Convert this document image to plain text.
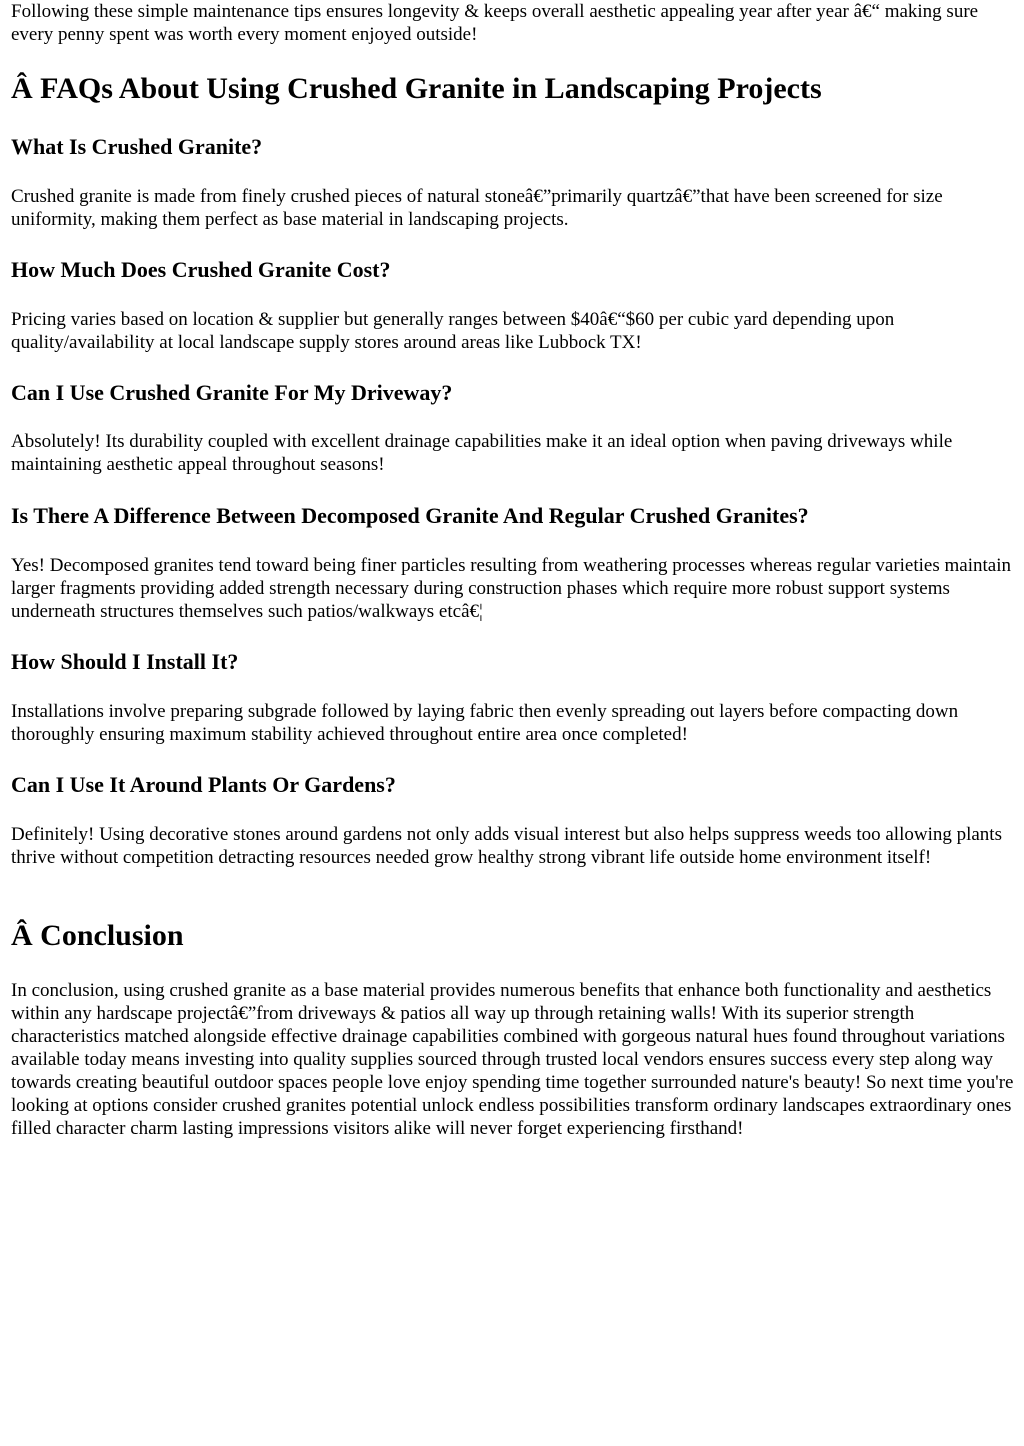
Following these simple maintenance tips ensures longevity & keeps overall aesthetic appealing year after year â€“ making sure every penny spent was worth every moment enjoyed outside!

Â FAQs About Using Crushed Granite in Landscaping Projects
What Is Crushed Granite?

Crushed granite is made from finely crushed pieces of natural stoneâ€”primarily quartzâ€”that have been screened for size uniformity, making them perfect as base material in landscaping projects.

How Much Does Crushed Granite Cost?

Pricing varies based on location & supplier but generally ranges between $40â€“$60 per cubic yard depending upon quality/availability at local landscape supply stores around areas like Lubbock TX!

Can I Use Crushed Granite For My Driveway?

Absolutely! Its durability coupled with excellent drainage capabilities make it an ideal option when paving driveways while maintaining aesthetic appeal throughout seasons!

Is There A Difference Between Decomposed Granite And Regular Crushed Granites?

Yes! Decomposed granites tend toward being finer particles resulting from weathering processes whereas regular varieties maintain larger fragments providing added strength necessary during construction phases which require more robust support systems underneath structures themselves such patios/walkways etcâ€¦

How Should I Install It?

Installations involve preparing subgrade followed by laying fabric then evenly spreading out layers before compacting down thoroughly ensuring maximum stability achieved throughout entire area once completed!

Can I Use It Around Plants Or Gardens?

Definitely! Using decorative stones around gardens not only adds visual interest but also helps suppress weeds too allowing plants thrive without competition detracting resources needed grow healthy strong vibrant life outside home environment itself!

Â Conclusion

In conclusion, using crushed granite as a base material provides numerous benefits that enhance both functionality and aesthetics within any hardscape projectâ€”from driveways & patios all way up through retaining walls! With its superior strength characteristics matched alongside effective drainage capabilities combined with gorgeous natural hues found throughout variations available today means investing into quality supplies sourced through trusted local vendors ensures success every step along way towards creating beautiful outdoor spaces people love enjoy spending time together surrounded nature's beauty! So next time you're looking at options consider crushed granites potential unlock endless possibilities transform ordinary landscapes extraordinary ones filled character charm lasting impressions visitors alike will never forget experiencing firsthand!
